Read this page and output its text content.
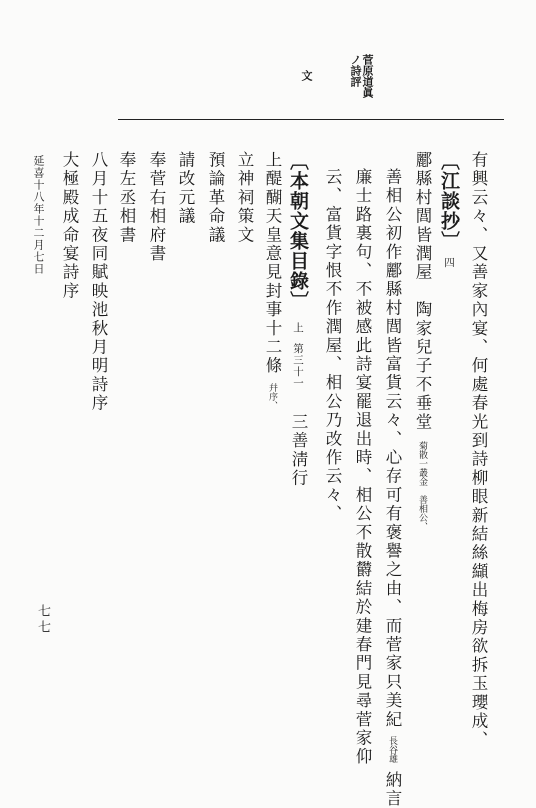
菅原道眞
ノ詩評
文
有興云々、又善家內宴、何處春光到詩柳眼新結絲纈出梅房欲拆玉瓔成、
〔江談抄〕四
酈縣村閭皆潤屋　陶家兒子不垂堂 菊散一叢金 善相公、
善相公初作酈縣村閭皆富貨云々、心存可有褒譽之由、而菅家只美紀 長谷雄 納言
廉士路裏句、不被感此詩宴罷退出時、相公不散欝結於建春門見尋菅家仰
云、富貨字恨不作潤屋、相公乃改作云々、
〔本朝文集目錄〕 上 第三十一 三善淸行
上醍醐天皇意見封事十二條 幷序、
立神祠策文
預論革命議
請改元議
奉菅右相府書
奉左丞相書
八月十五夜同賦映池秋月明詩序
大極殿成命宴詩序
延喜十八年十二月七日
七七
